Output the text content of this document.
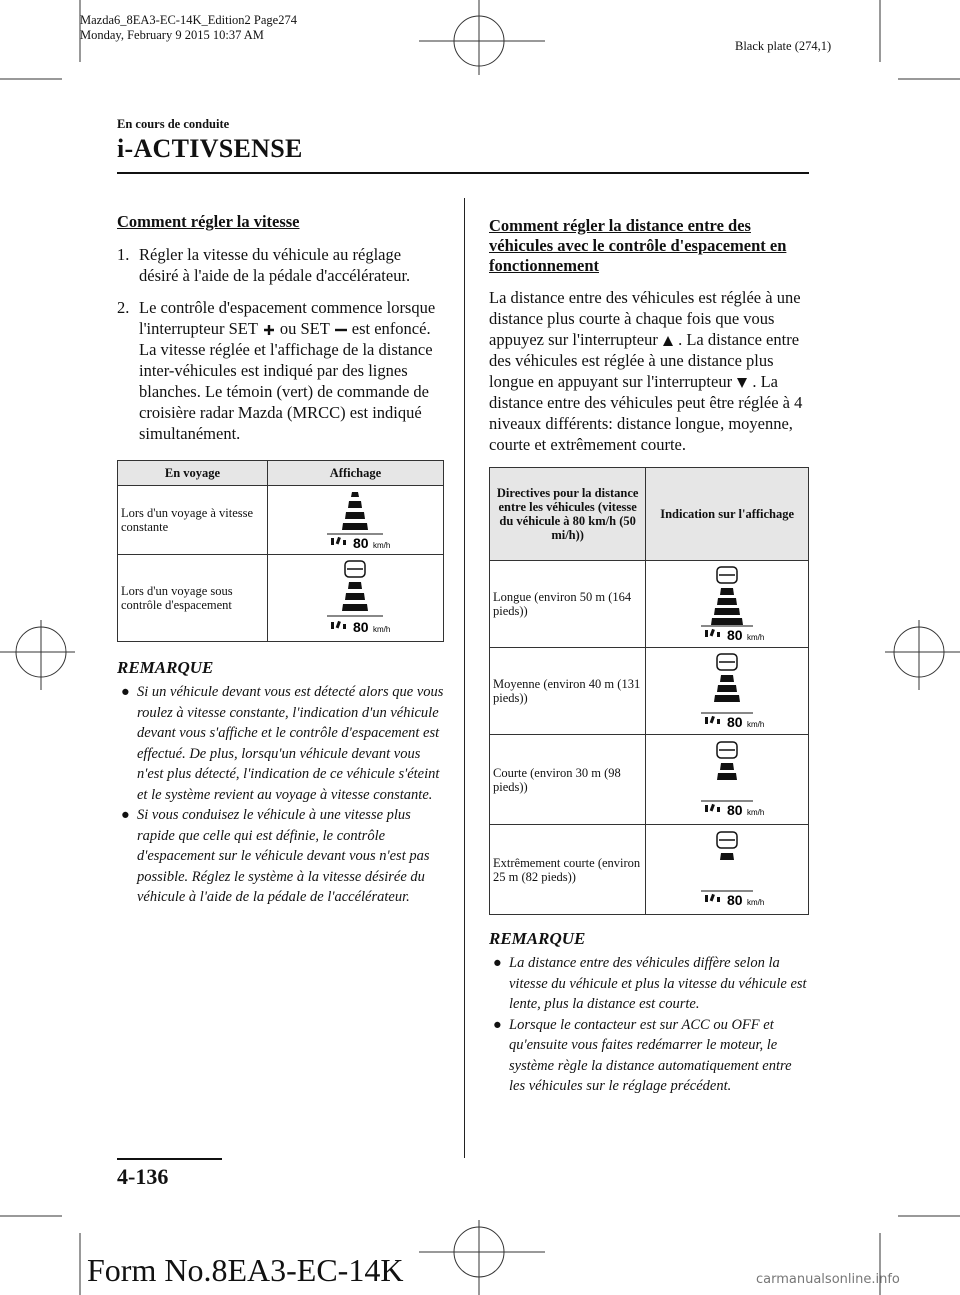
Mazda6_8EA3-EC-14K_Edition2 Page274
Monday, February 9 2015 10:37 AM
Black plate (274,1)
En cours de conduite
i-ACTIVSENSE
Comment régler la vitesse
1. Régler la vitesse du véhicule au réglage désiré à l'aide de la pédale d'accélérateur.
2. Le contrôle d'espacement commence lorsque l'interrupteur SET ou SET est enfoncé. La vitesse réglée et l'affichage de la distance inter-véhicules est indiqué par des lignes blanches. Le témoin (vert) de commande de croisière radar Mazda (MRCC) est indiqué simultanément.
En voyage	Affichage
Lors d'un voyage à vitesse constante	80 km/h

Lors d'un voyage sous contrôle d'espacement	80 km/h
REMARQUE
● Si un véhicule devant vous est détecté alors que vous roulez à vitesse constante, l'indication d'un véhicule devant vous s'affiche et le contrôle d'espacement est effectué. De plus, lorsqu'un véhicule devant vous n'est plus détecté, l'indication de ce véhicule s'éteint et le système revient au voyage à vitesse constante.
● Si vous conduisez le véhicule à une vitesse plus rapide que celle qui est définie, le contrôle d'espacement sur le véhicule devant vous n'est pas possible. Réglez le système à la vitesse désirée du véhicule à l'aide de la pédale de l'accélérateur.
Comment régler la distance entre des véhicules avec le contrôle d'espacement en fonctionnement
La distance entre des véhicules est réglée à une distance plus courte à chaque fois que vous appuyez sur l'interrupteur . La distance entre des véhicules est réglée à une distance plus longue en appuyant sur l'interrupteur . La distance entre des véhicules peut être réglée à 4 niveaux différents: distance longue, moyenne, courte et extrêmement courte.
Directives pour la distance entre les véhicules (vitesse du véhicule à 80 km/h (50 mi/h))	Indication sur l'affichage
Longue (environ 50 m (164 pieds))	80 km/h

Moyenne (environ 40 m (131 pieds))	80 km/h

Courte (environ 30 m (98 pieds))	80 km/h

Extrêmement courte (environ 25 m (82 pieds))	80 km/h
REMARQUE
● La distance entre des véhicules diffère selon la vitesse du véhicule et plus la vitesse du véhicule est lente, plus la distance est courte.
● Lorsque le contacteur est sur ACC ou OFF et qu'ensuite vous faites redémarrer le moteur, le système règle la distance automatiquement entre les véhicules sur le réglage précédent.
4-136
Form No.8EA3-EC-14K	carmanualsonline.info
